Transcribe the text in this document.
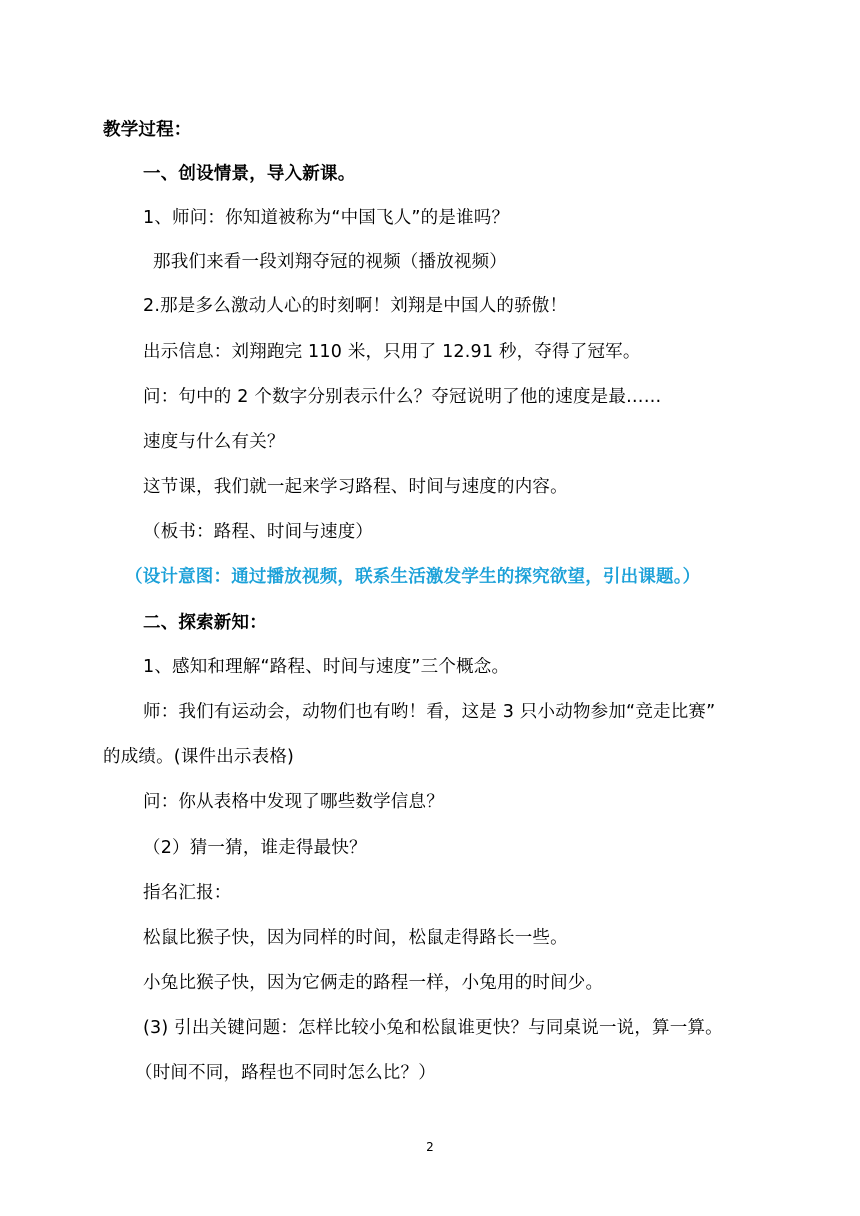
教学过程：
一、创设情景，导入新课。
1、师问：你知道被称为“中国飞人”的是谁吗？
那我们来看一段刘翔夺冠的视频（播放视频）
2.那是多么激动人心的时刻啊！刘翔是中国人的骄傲！
出示信息：刘翔跑完 110 米，只用了 12.91 秒，夺得了冠军。
问：句中的 2 个数字分别表示什么？夺冠说明了他的速度是最……
速度与什么有关？
这节课，我们就一起来学习路程、时间与速度的内容。
（板书：路程、时间与速度）
（设计意图：通过播放视频，联系生活激发学生的探究欲望，引出课题。）
二、探索新知：
1、感知和理解“路程、时间与速度”三个概念。
师：我们有运动会，动物们也有哟！看，这是 3 只小动物参加“竞走比赛”
的成绩。(课件出示表格)
问：你从表格中发现了哪些数学信息？
（2）猜一猜，谁走得最快？
指名汇报：
松鼠比猴子快，因为同样的时间，松鼠走得路长一些。
小兔比猴子快，因为它俩走的路程一样，小兔用的时间少。
(3) 引出关键问题：怎样比较小兔和松鼠谁更快？与同桌说一说，算一算。
（时间不同，路程也不同时怎么比？）
2
